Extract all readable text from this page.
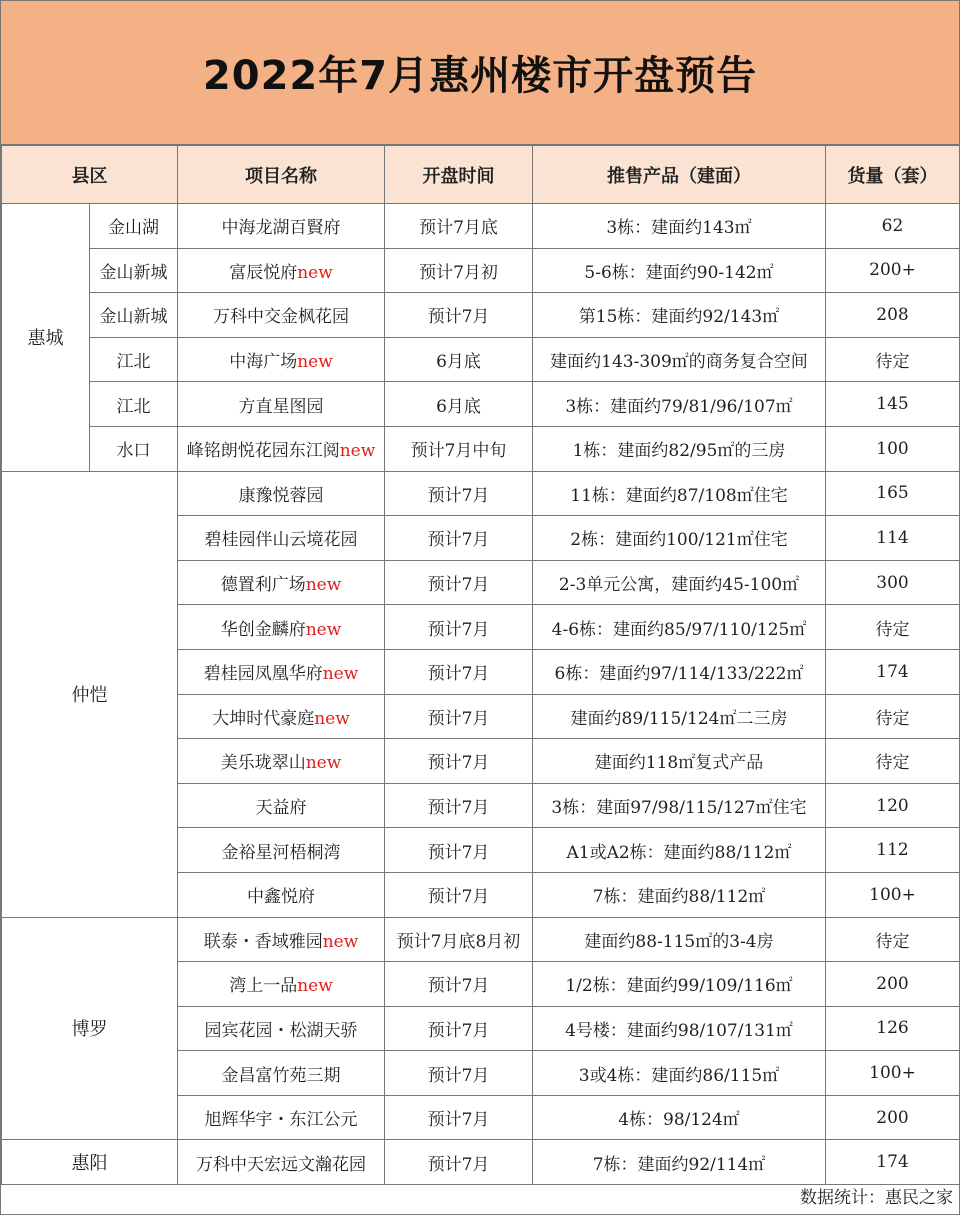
2022年7月惠州楼市开盘预告
县区		项目名称	开盘时间	推售产品（建面）	货量（套）
惠城	金山湖	中海龙湖百賢府	预计7月底	3栋：建面约143㎡	62
	金山新城	富辰悦府new	预计7月初	5-6栋：建面约90-142㎡	200+
	金山新城	万科中交金枫花园	预计7月	第15栋：建面约92/143㎡	208
	江北	中海广场new	6月底	建面约143-309㎡的商务复合空间	待定
	江北	方直星图园	6月底	3栋：建面约79/81/96/107㎡	145
	水口	峰铭朗悦花园东江阅new	预计7月中旬	1栋：建面约82/95㎡的三房	100
仲恺		康豫悦蓉园	预计7月	11栋：建面约87/108㎡住宅	165
		碧桂园伴山云境花园	预计7月	2栋：建面约100/121㎡住宅	114
		德置利广场new	预计7月	2-3单元公寓，建面约45-100㎡	300
		华创金麟府new	预计7月	4-6栋：建面约85/97/110/125㎡	待定
		碧桂园凤凰华府new	预计7月	6栋：建面约97/114/133/222㎡	174
		大坤时代豪庭new	预计7月	建面约89/115/124㎡二三房	待定
		美乐珑翠山new	预计7月	建面约118㎡复式产品	待定
		天益府	预计7月	3栋：建面97/98/115/127㎡住宅	120
		金裕星河梧桐湾	预计7月	A1或A2栋：建面约88/112㎡	112
		中鑫悦府	预计7月	7栋：建面约88/112㎡	100+
博罗		联泰・香域雅园new	预计7月底8月初	建面约88-115㎡的3-4房	待定
		湾上一品new	预计7月	1/2栋：建面约99/109/116㎡	200
		园宾花园・松湖天骄	预计7月	4号楼：建面约98/107/131㎡	126
		金昌富竹苑三期	预计7月	3或4栋：建面约86/115㎡	100+
		旭辉华宇・东江公元	预计7月	4栋：98/124㎡	200
惠阳		万科中天宏远文瀚花园	预计7月	7栋：建面约92/114㎡	174
数据统计：惠民之家
